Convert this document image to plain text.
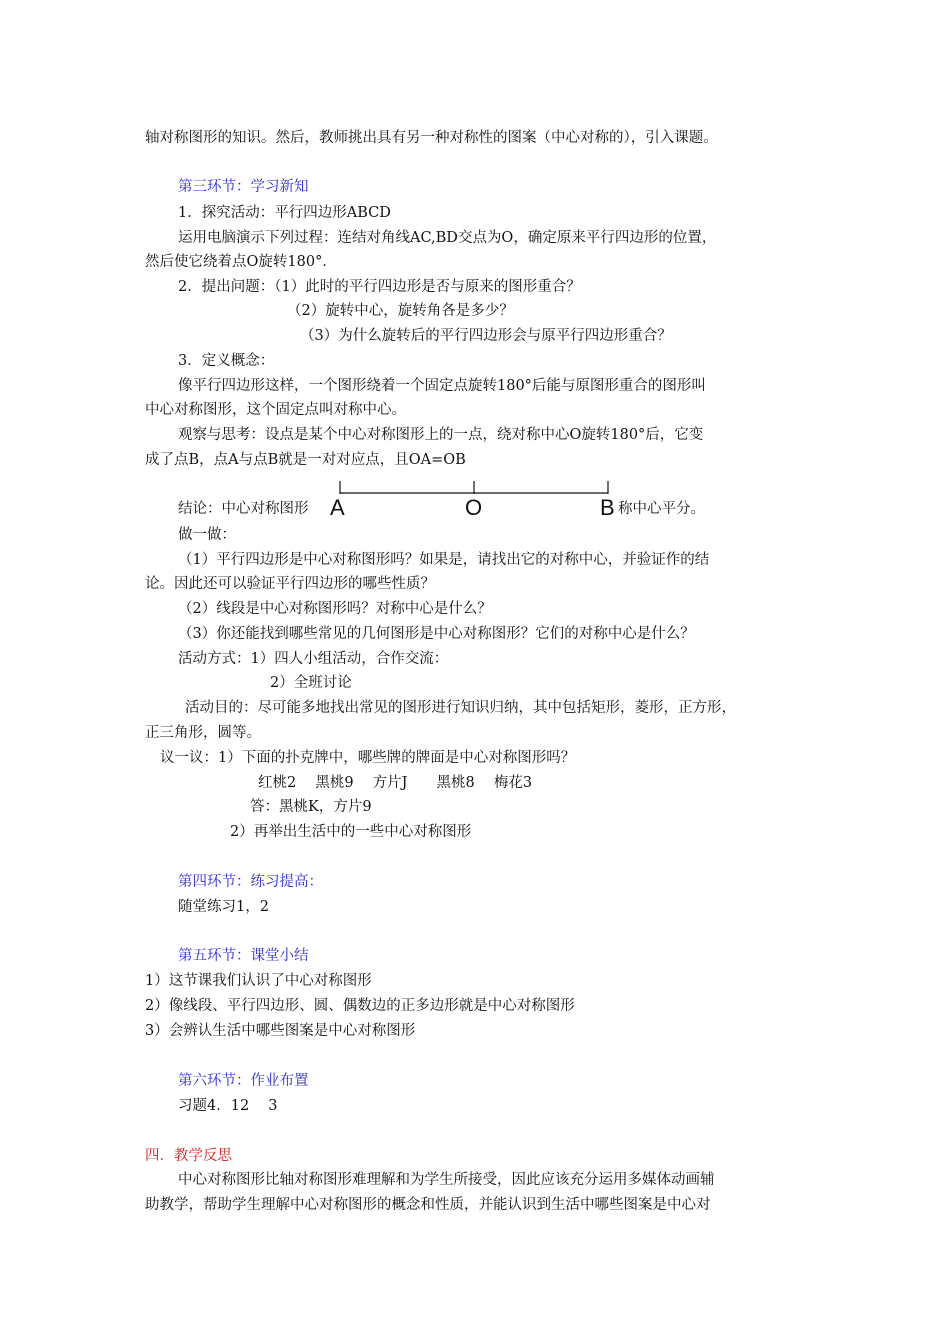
轴对称图形的知识。然后，教师挑出具有另一种对称性的图案（中心对称的），引入课题。
第三环节：学习新知
1．探究活动：平行四边形ABCD
运用电脑演示下列过程：连结对角线AC,BD交点为O，确定原来平行四边形的位置，
然后使它绕着点O旋转180°．
2．提出问题：（1）此时的平行四边形是否与原来的图形重合？
（2）旋转中心，旋转角各是多少？
（3）为什么旋转后的平行四边形会与原平行四边形重合？
3．定义概念：
像平行四边形这样，一个图形绕着一个固定点旋转180°后能与原图形重合的图形叫
中心对称图形，这个固定点叫对称中心。
观察与思考：设点是某个中心对称图形上的一点，绕对称中心O旋转180°后，它变
成了点B，点A与点B就是一对对应点，且OA=OB
结论：中心对称图形	称中心平分。
A	O	B
做一做：
（1）平行四边形是中心对称图形吗？如果是，请找出它的对称中心，并验证作的结
论。因此还可以验证平行四边形的哪些性质？
（2）线段是中心对称图形吗？对称中心是什么？
（3）你还能找到哪些常见的几何图形是中心对称图形？它们的对称中心是什么？
活动方式：1）四人小组活动，合作交流：
2）全班讨论
活动目的：尽可能多地找出常见的图形进行知识归纳，其中包括矩形，菱形，正方形，
正三角形，圆等。
议一议：1）下面的扑克牌中，哪些牌的牌面是中心对称图形吗？
红桃2　 黑桃9　 方片J　　黑桃8　 梅花3
答：黑桃K，方片9
2）再举出生活中的一些中心对称图形
第四环节：练习提高：
随堂练习1，2
第五环节：课堂小结
1）这节课我们认识了中心对称图形
2）像线段、平行四边形、圆、偶数边的正多边形就是中心对称图形
3）会辨认生活中哪些图案是中心对称图形
第六环节：作业布置
习题4．12　 3
四．教学反思
中心对称图形比轴对称图形难理解和为学生所接受，因此应该充分运用多媒体动画辅
助教学，帮助学生理解中心对称图形的概念和性质，并能认识到生活中哪些图案是中心对
